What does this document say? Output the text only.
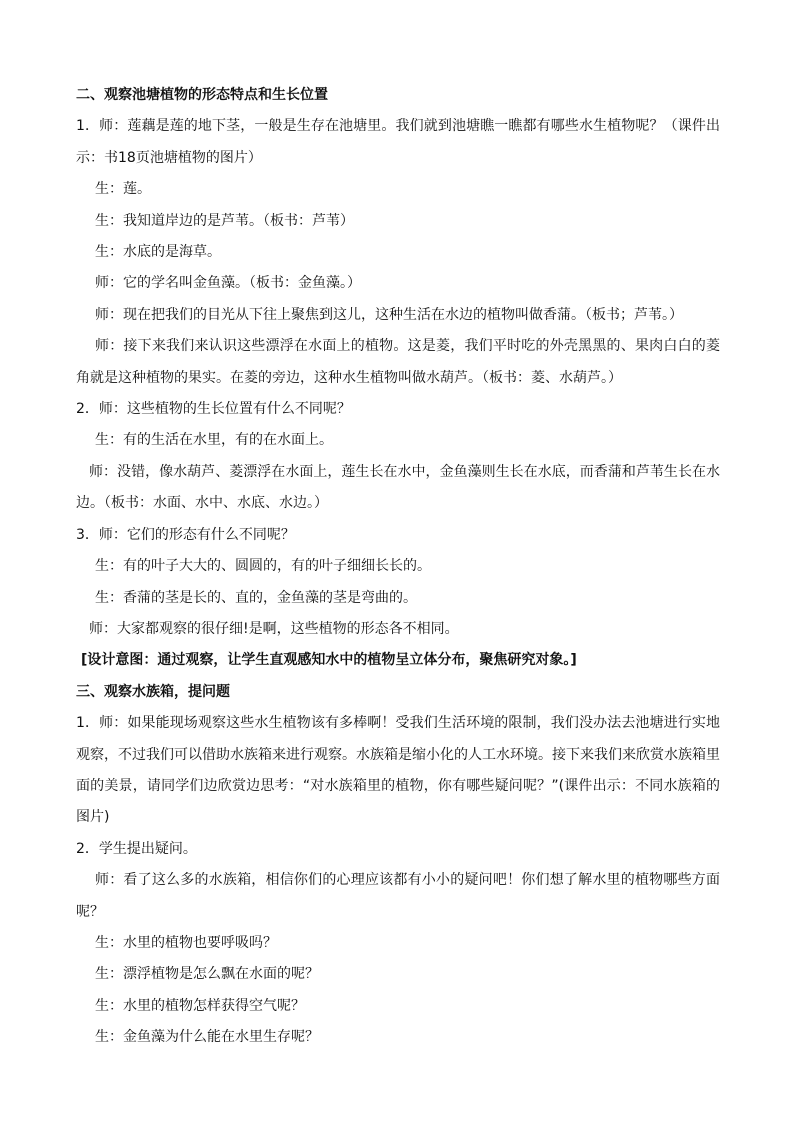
二、观察池塘植物的形态特点和生长位置
1．师：莲藕是莲的地下茎，一般是生存在池塘里。我们就到池塘瞧一瞧都有哪些水生植物呢？（课件出示：书18页池塘植物的图片）
生：莲。
生：我知道岸边的是芦苇。（板书：芦苇）
生：水底的是海草。
师：它的学名叫金鱼藻。（板书：金鱼藻。）
师：现在把我们的目光从下往上聚焦到这儿，这种生活在水边的植物叫做香蒲。（板书；芦苇。）
师：接下来我们来认识这些漂浮在水面上的植物。这是菱，我们平时吃的外壳黑黑的、果肉白白的菱角就是这种植物的果实。在菱的旁边，这种水生植物叫做水葫芦。（板书：菱、水葫芦。）
2．师：这些植物的生长位置有什么不同呢？
生：有的生活在水里，有的在水面上。
师：没错，像水葫芦、菱漂浮在水面上，莲生长在水中，金鱼藻则生长在水底，而香蒲和芦苇生长在水边。（板书：水面、水中、水底、水边。）
3．师：它们的形态有什么不同呢？
生：有的叶子大大的、圆圆的，有的叶子细细长长的。
生：香蒲的茎是长的、直的，金鱼藻的茎是弯曲的。
师：大家都观察的很仔细!是啊，这些植物的形态各不相同。
[设计意图：通过观察，让学生直观感知水中的植物呈立体分布，聚焦研究对象。]
三、观察水族箱，提问题
1．师：如果能现场观察这些水生植物该有多棒啊！受我们生活环境的限制，我们没办法去池塘进行实地观察，不过我们可以借助水族箱来进行观察。水族箱是缩小化的人工水环境。接下来我们来欣赏水族箱里面的美景，请同学们边欣赏边思考：“对水族箱里的植物，你有哪些疑问呢？”(课件出示：不同水族箱的图片)
2．学生提出疑问。
师：看了这么多的水族箱，相信你们的心理应该都有小小的疑问吧！你们想了解水里的植物哪些方面呢？
生：水里的植物也要呼吸吗？
生：漂浮植物是怎么飘在水面的呢？
生：水里的植物怎样获得空气呢？
生：金鱼藻为什么能在水里生存呢？
